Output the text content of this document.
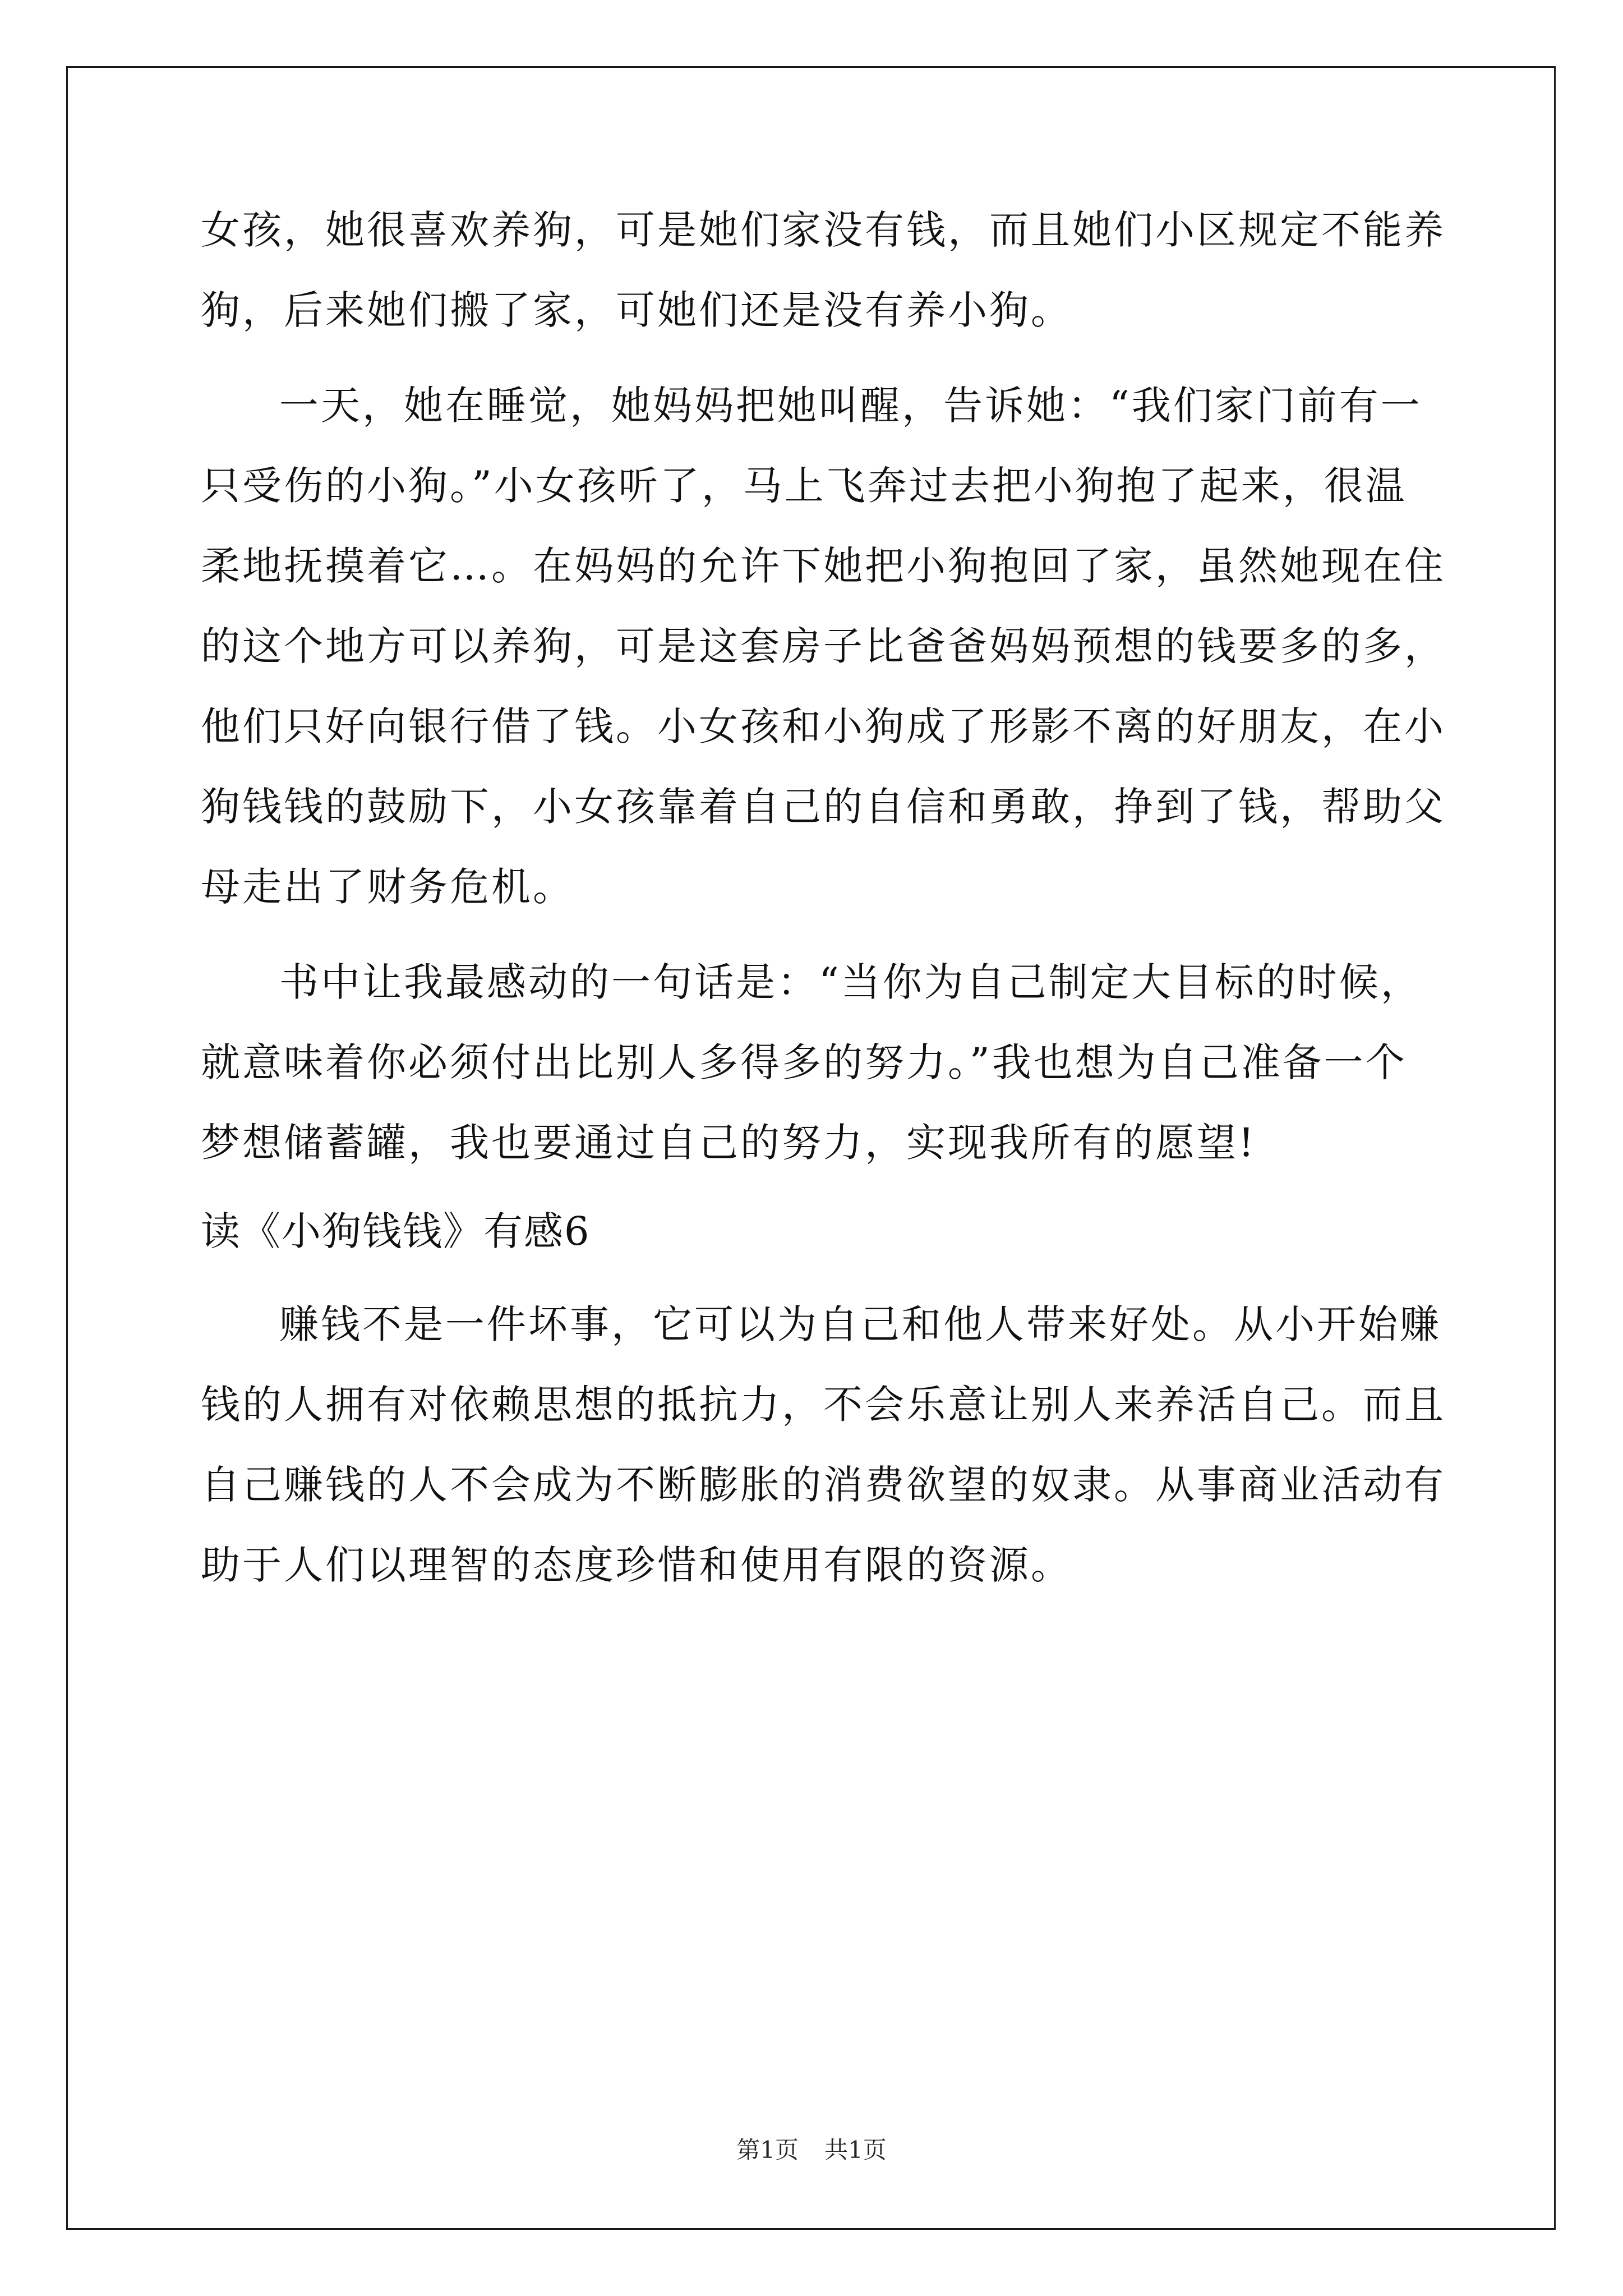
女孩，她很喜欢养狗，可是她们家没有钱，而且她们小区规定不能养
狗，后来她们搬了家，可她们还是没有养小狗。
一天，她在睡觉，她妈妈把她叫醒，告诉她：“我们家门前有一
只受伤的小狗。”小女孩听了，马上飞奔过去把小狗抱了起来，很温
柔地抚摸着它…。在妈妈的允许下她把小狗抱回了家，虽然她现在住
的这个地方可以养狗，可是这套房子比爸爸妈妈预想的钱要多的多，
他们只好向银行借了钱。小女孩和小狗成了形影不离的好朋友，在小
狗钱钱的鼓励下，小女孩靠着自己的自信和勇敢，挣到了钱，帮助父
母走出了财务危机。
书中让我最感动的一句话是：“当你为自己制定大目标的时候，
就意味着你必须付出比别人多得多的努力。”我也想为自己准备一个
梦想储蓄罐，我也要通过自己的努力，实现我所有的愿望!
读《小狗钱钱》有感6
赚钱不是一件坏事，它可以为自己和他人带来好处。从小开始赚
钱的人拥有对依赖思想的抵抗力，不会乐意让别人来养活自己。而且
自己赚钱的人不会成为不断膨胀的消费欲望的奴隶。从事商业活动有
助于人们以理智的态度珍惜和使用有限的资源。
第1页 共1页
